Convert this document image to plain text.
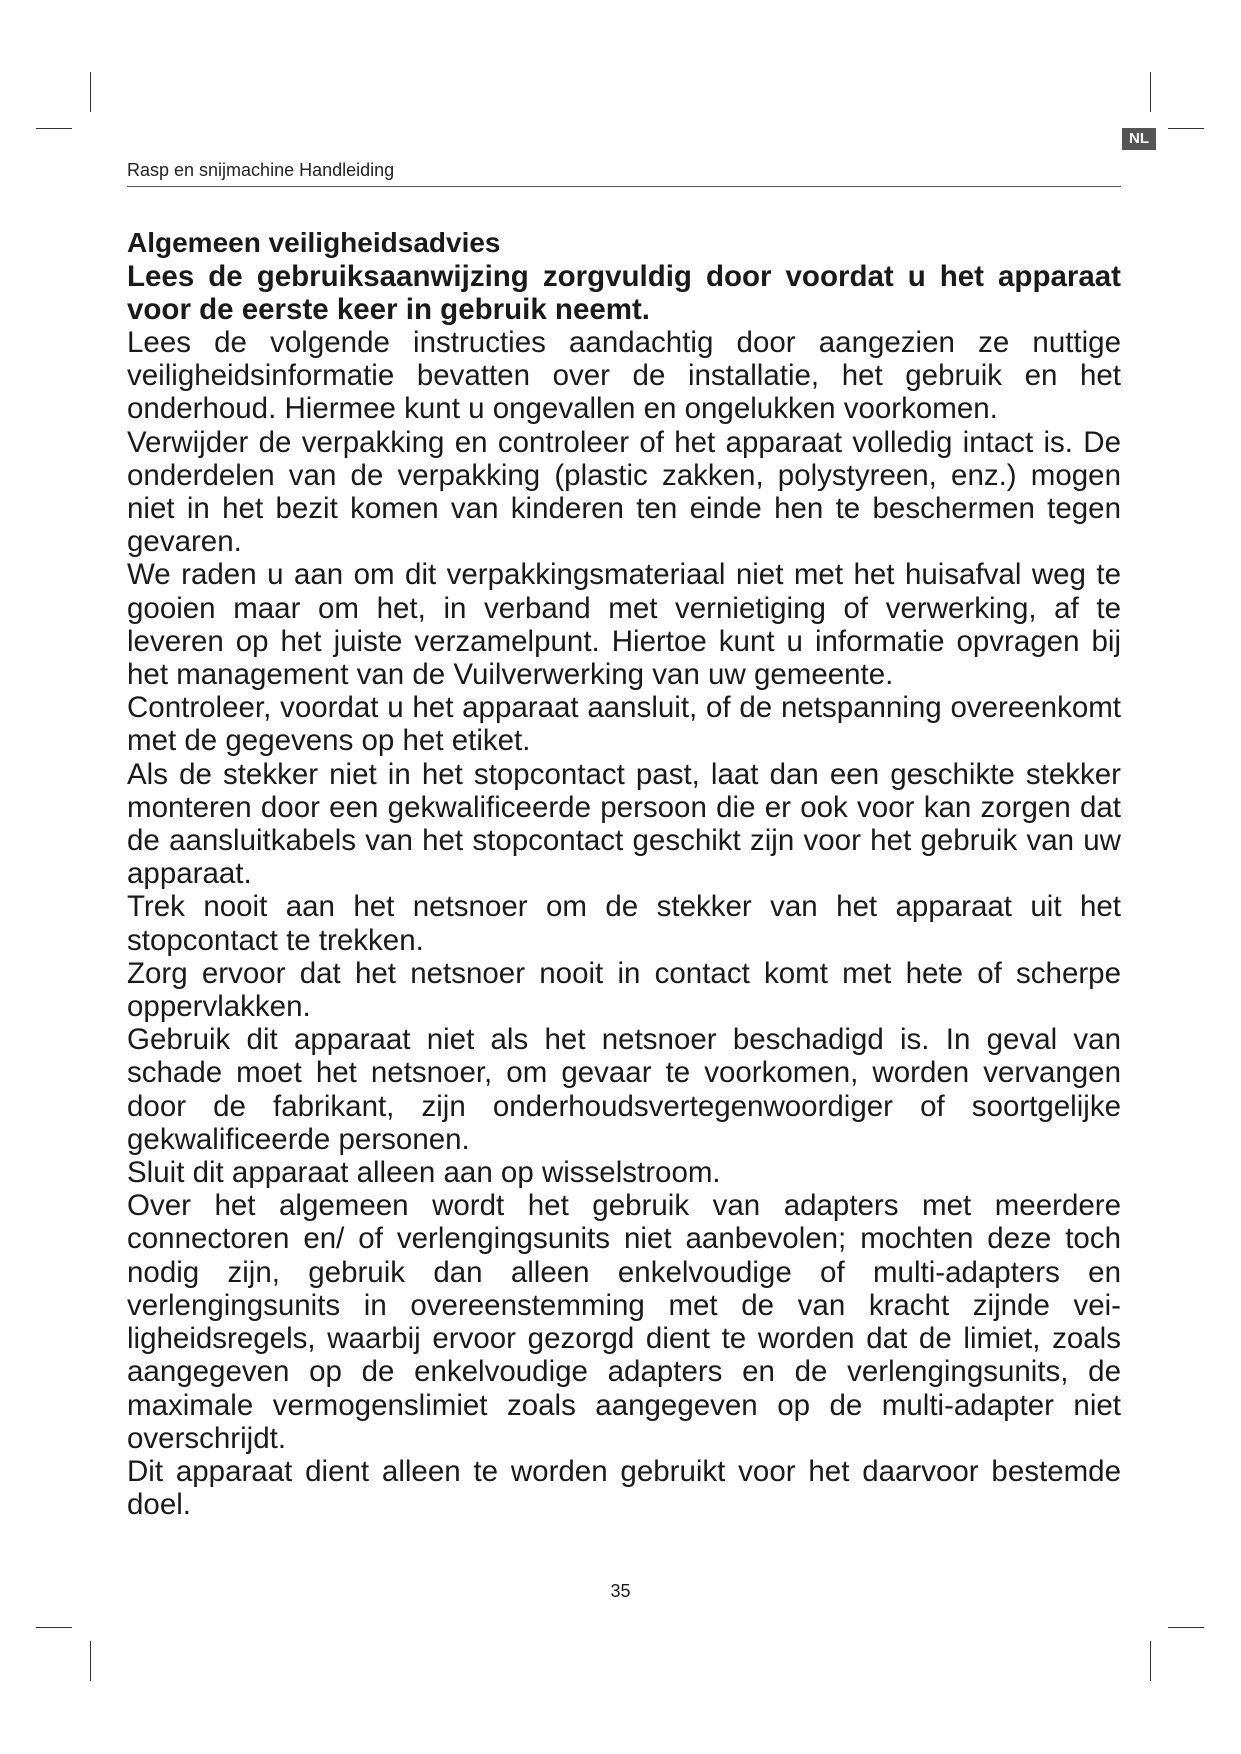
NL
Rasp en snijmachine Handleiding
Algemeen veiligheidsadvies

Lees de gebruiksaanwijzing zorgvuldig door voordat u het apparaat voor de eerste keer in gebruik neemt.

Lees de volgende instructies aandachtig door aangezien ze nuttige veiligheidsinformatie bevatten over de installatie, het gebruik en het onderhoud. Hiermee kunt u ongevallen en ongelukken voorkomen.

Verwijder de verpakking en controleer of het apparaat volledig intact is. De onderdelen van de verpakking (plastic zakken, polystyreen, enz.) mogen niet in het bezit komen van kinderen ten einde hen te beschermen tegen gevaren.

We raden u aan om dit verpakkingsmateriaal niet met het huisafval weg te gooien maar om het, in verband met vernietiging of verwerking, af te leveren op het juiste verzamelpunt. Hiertoe kunt u informatie opvragen bij het management van de Vuilverwerking van uw gemeente.

Controleer, voordat u het apparaat aansluit, of de netspanning overeenkomt met de gegevens op het etiket.

Als de stekker niet in het stopcontact past, laat dan een geschikte stekker monteren door een gekwalificeerde persoon die er ook voor kan zorgen dat de aansluitkabels van het stopcontact geschikt zijn voor het gebruik van uw apparaat.

Trek nooit aan het netsnoer om de stekker van het apparaat uit het stopcontact te trekken.

Zorg ervoor dat het netsnoer nooit in contact komt met hete of scherpe oppervlakken.

Gebruik dit apparaat niet als het netsnoer beschadigd is. In geval van schade moet het netsnoer, om gevaar te voorkomen, worden vervangen door de fabrikant, zijn onderhoudsvertegenwoordiger of soortgelijke gekwalificeerde personen.

Sluit dit apparaat alleen aan op wisselstroom.

Over het algemeen wordt het gebruik van adapters met meerdere connectoren en/ of verlengingsunits niet aanbevolen; mochten deze toch nodig zijn, gebruik dan alleen enkelvoudige of multi-adapters en verlengingsunits in overeenstemming met de van kracht zijnde veiligheidsregels, waarbij ervoor gezorgd dient te worden dat de limiet, zoals aangegeven op de enkelvoudige adapters en de verlengingsunits, de maximale vermogenslimiet zoals aangegeven op de multi-adapter niet overschrijdt.

Dit apparaat dient alleen te worden gebruikt voor het daarvoor bestemde doel.

35
